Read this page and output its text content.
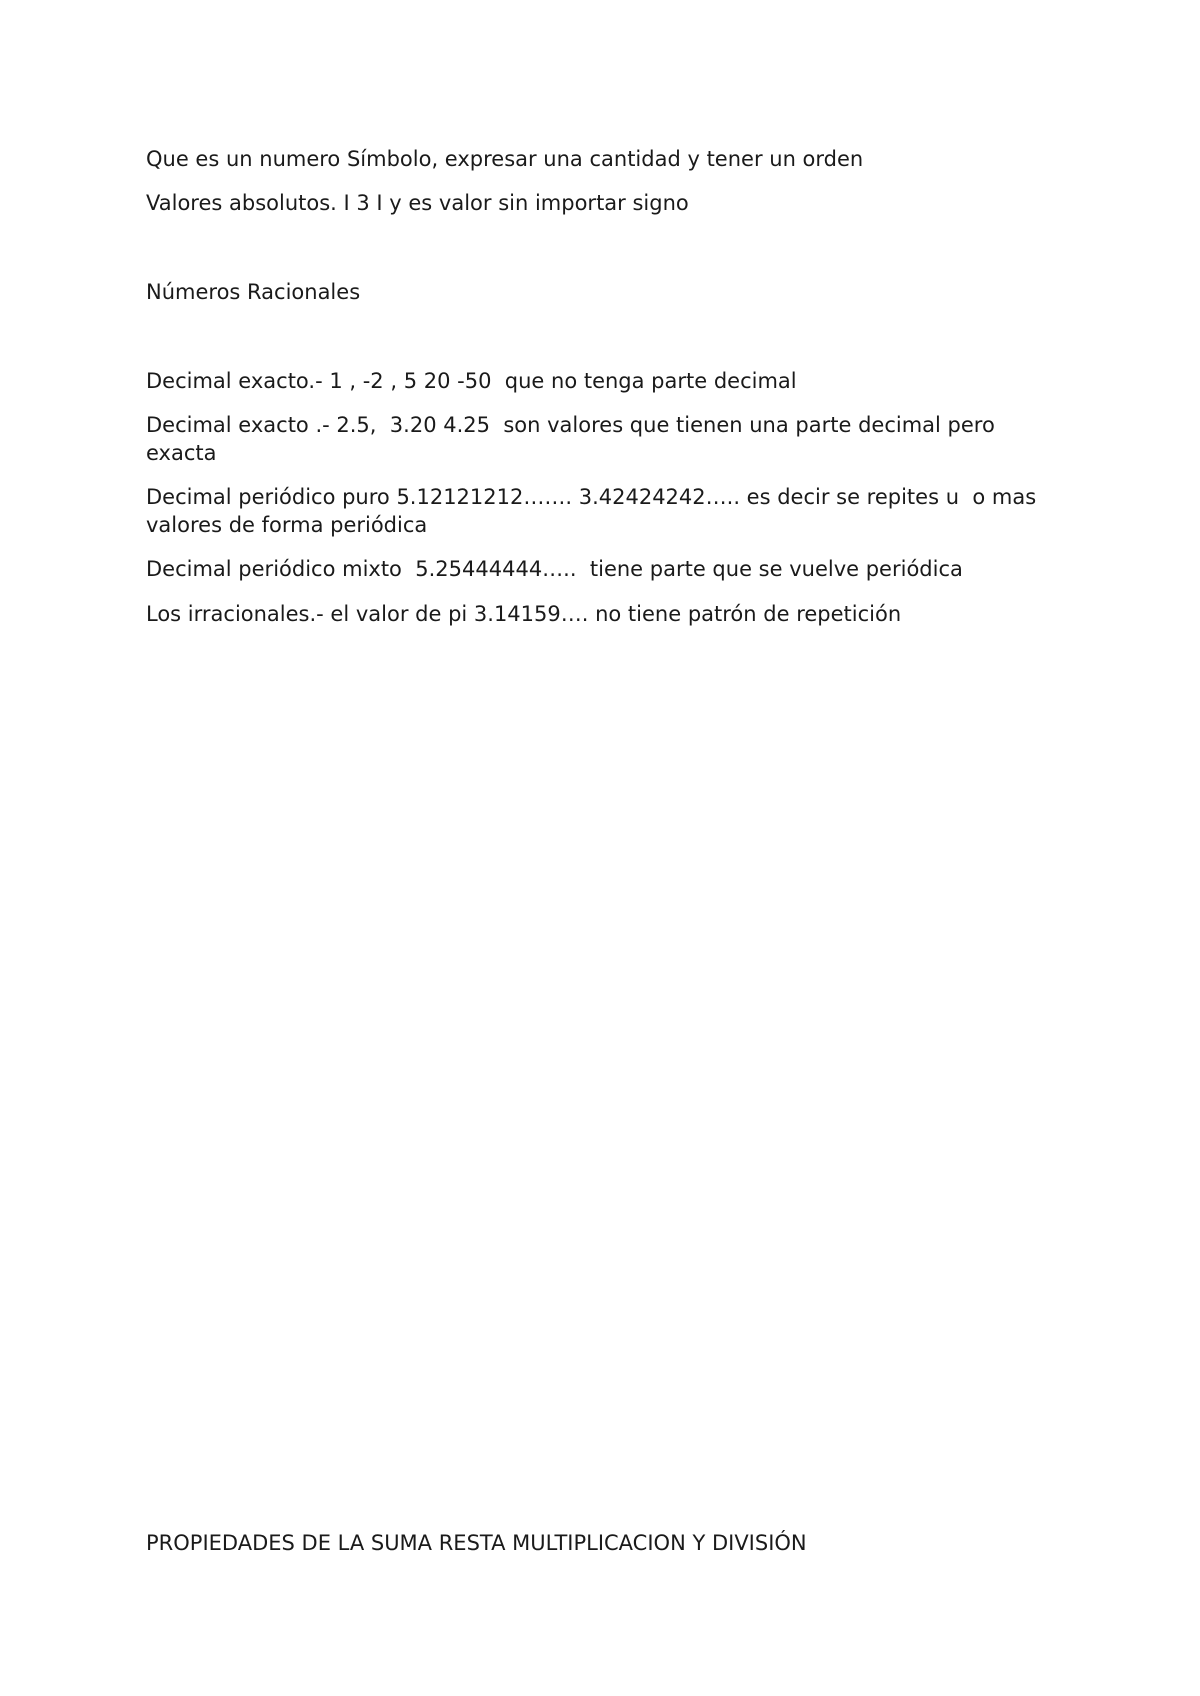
Que es un numero Símbolo, expresar una cantidad y tener un orden

Valores absolutos. I 3 I y es valor sin importar signo

Números Racionales

Decimal exacto.- 1 , -2 , 5 20 -50  que no tenga parte decimal

Decimal exacto .- 2.5,  3.20 4.25  son valores que tienen una parte decimal pero exacta

Decimal periódico puro 5.12121212……. 3.42424242….. es decir se repites u  o mas valores de forma periódica

Decimal periódico mixto  5.25444444…..  tiene parte que se vuelve periódica

Los irracionales.- el valor de pi 3.14159…. no tiene patrón de repetición

PROPIEDADES DE LA SUMA RESTA MULTIPLICACION Y DIVISIÓN
